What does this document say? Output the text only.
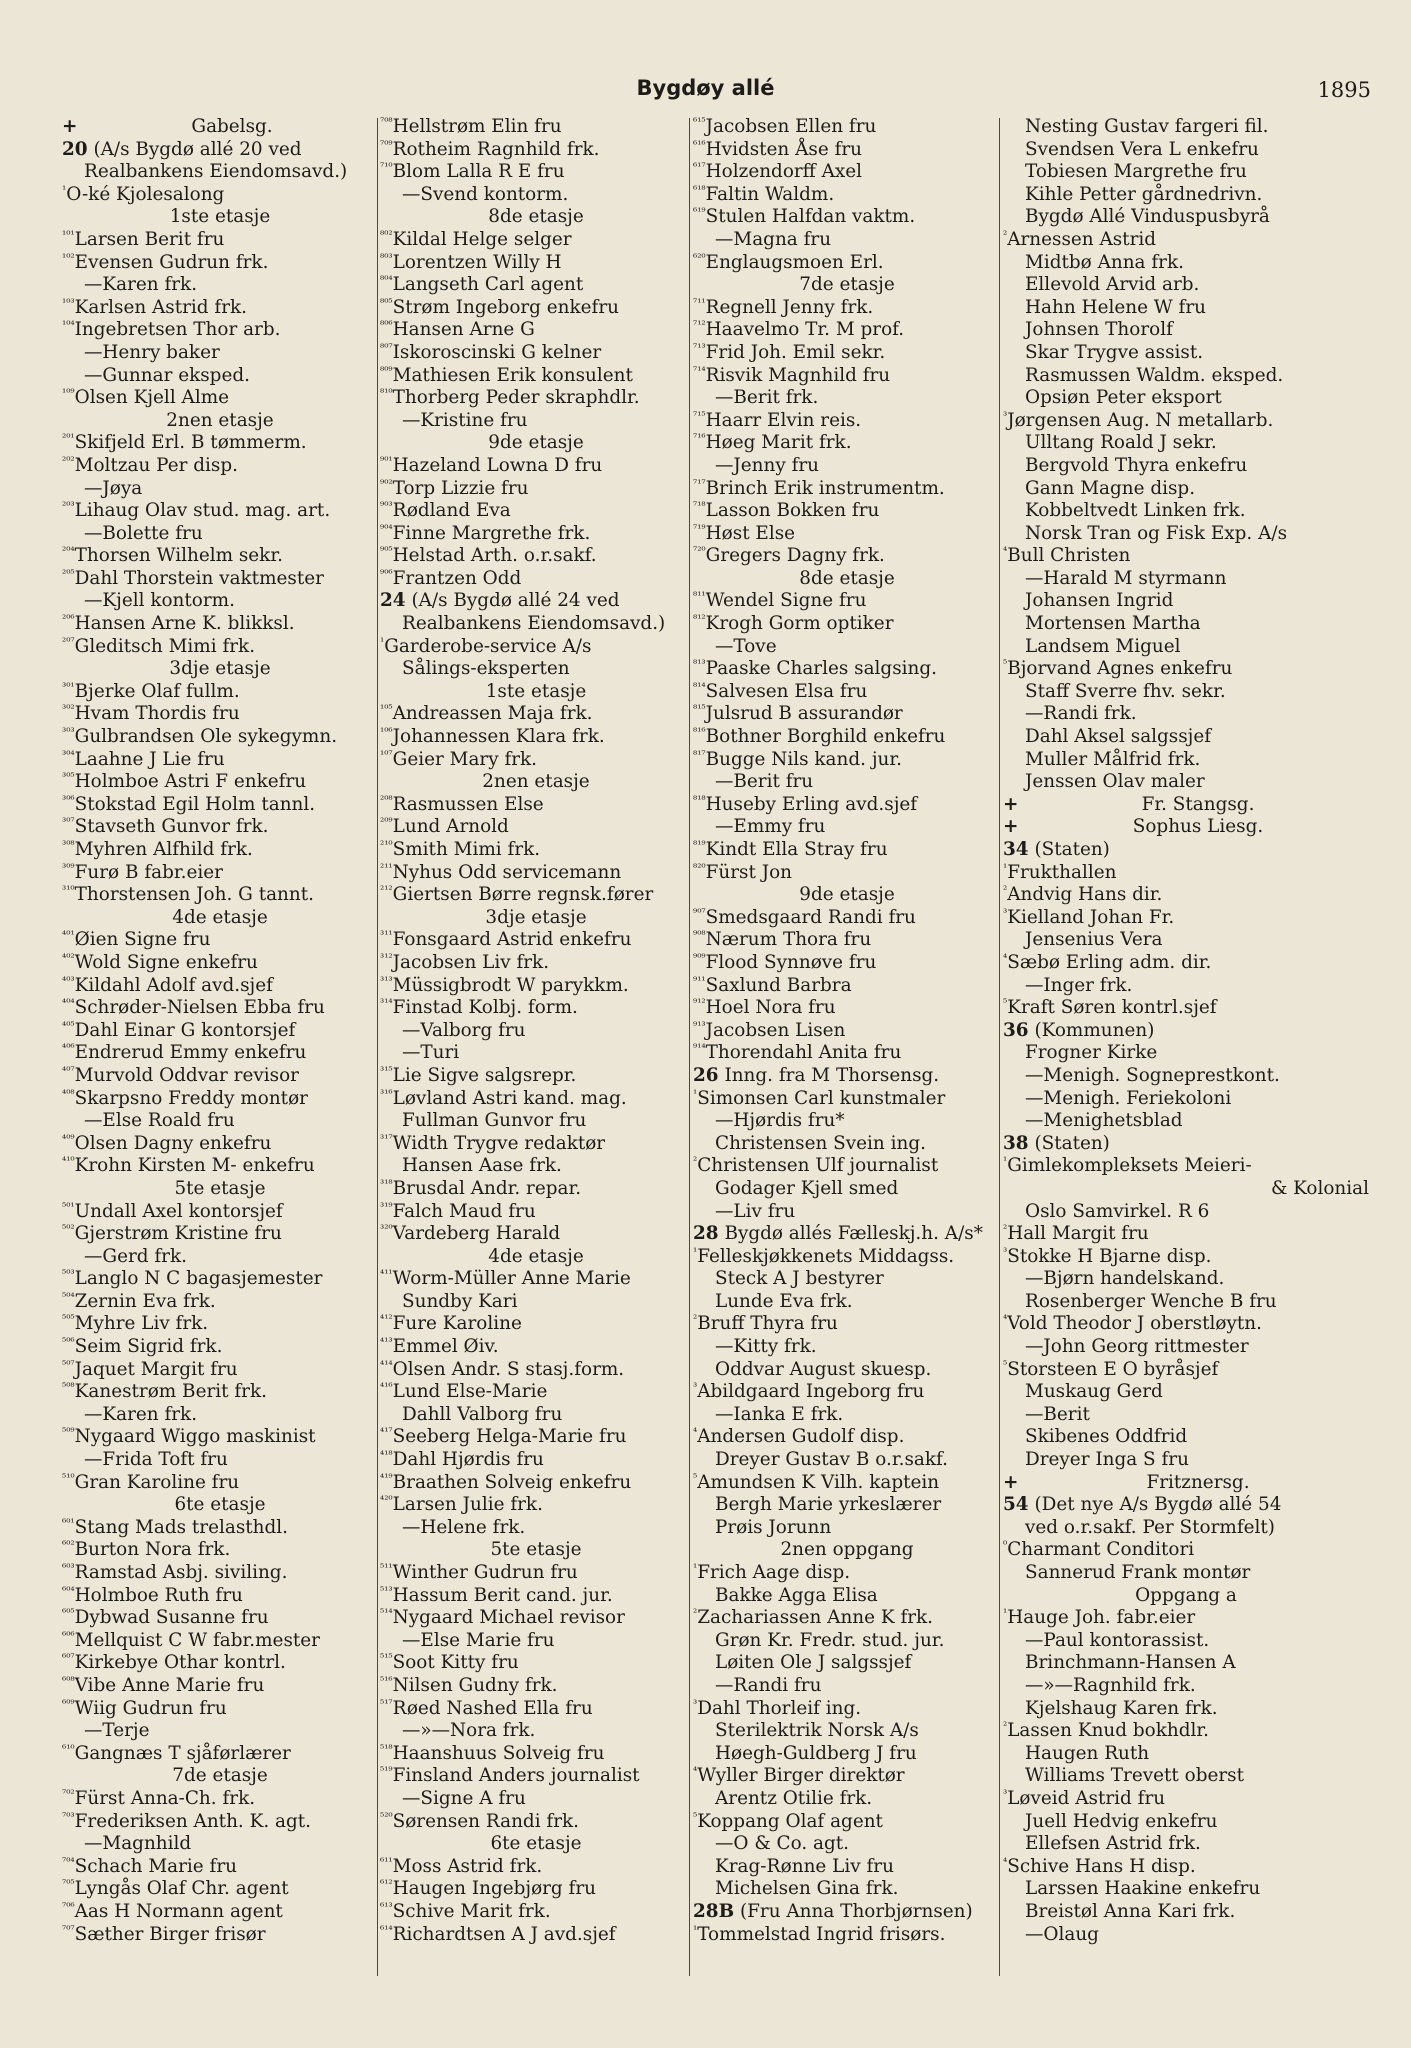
Bygdøy allé	1895
+	Gabelsg.
20 (A/s Bygdø allé 20 ved
Realbankens Eiendomsavd.)
$^{^1}$O-ké Kjolesalong
1ste etasje
$^{^{101}}$Larsen Berit fru
$^{^{102}}$Evensen Gudrun frk.
—Karen frk.
$^{^{103}}$Karlsen Astrid frk.
$^{^{104}}$Ingebretsen Thor arb.
—Henry baker
—Gunnar eksped.
$^{^{109}}$Olsen Kjell Alme
2nen etasje
$^{^{201}}$Skifjeld Erl. B tømmerm.
$^{^{202}}$Moltzau Per disp.
—Jøya
$^{^{203}}$Lihaug Olav stud. mag. art.
—Bolette fru
$^{^{204}}$Thorsen Wilhelm sekr.
$^{^{205}}$Dahl Thorstein vaktmester
—Kjell kontorm.
$^{^{206}}$Hansen Arne K. blikksl.
$^{^{207}}$Gleditsch Mimi frk.
3dje etasje
$^{^{301}}$Bjerke Olaf fullm.
$^{^{302}}$Hvam Thordis fru
$^{^{303}}$Gulbrandsen Ole sykegymn.
$^{^{304}}$Laahne J Lie fru
$^{^{305}}$Holmboe Astri F enkefru
$^{^{306}}$Stokstad Egil Holm tannl.
$^{^{307}}$Stavseth Gunvor frk.
$^{^{308}}$Myhren Alfhild frk.
$^{^{309}}$Furø B fabr.eier
$^{^{310}}$Thorstensen Joh. G tannt.
4de etasje
$^{^{401}}$Øien Signe fru
$^{^{402}}$Wold Signe enkefru
$^{^{403}}$Kildahl Adolf avd.sjef
$^{^{404}}$Schrøder-Nielsen Ebba fru
$^{^{405}}$Dahl Einar G kontorsjef
$^{^{406}}$Endrerud Emmy enkefru
$^{^{407}}$Murvold Oddvar revisor
$^{^{408}}$Skarpsno Freddy montør
—Else Roald fru
$^{^{409}}$Olsen Dagny enkefru
$^{^{410}}$Krohn Kirsten M- enkefru
5te etasje
$^{^{501}}$Undall Axel kontorsjef
$^{^{502}}$Gjerstrøm Kristine fru
—Gerd frk.
$^{^{503}}$Langlo N C bagasjemester
$^{^{504}}$Zernin Eva frk.
$^{^{505}}$Myhre Liv frk.
$^{^{506}}$Seim Sigrid frk.
$^{^{507}}$Jaquet Margit fru
$^{^{508}}$Kanestrøm Berit frk.
—Karen frk.
$^{^{509}}$Nygaard Wiggo maskinist
—Frida Toft fru
$^{^{510}}$Gran Karoline fru
6te etasje
$^{^{601}}$Stang Mads trelasthdl.
$^{^{602}}$Burton Nora frk.
$^{^{603}}$Ramstad Asbj. siviling.
$^{^{604}}$Holmboe Ruth fru
$^{^{605}}$Dybwad Susanne fru
$^{^{606}}$Mellquist C W fabr.mester
$^{^{607}}$Kirkebye Othar kontrl.
$^{^{608}}$Vibe Anne Marie fru
$^{^{609}}$Wiig Gudrun fru
—Terje
$^{^{610}}$Gangnæs T sjåførlærer
7de etasje
$^{^{702}}$Fürst Anna-Ch. frk.
$^{^{703}}$Frederiksen Anth. K. agt.
—Magnhild
$^{^{704}}$Schach Marie fru
$^{^{705}}$Lyngås Olaf Chr. agent
$^{^{706}}$Aas H Normann agent
$^{^{707}}$Sæther Birger frisør
$^{^{708}}$Hellstrøm Elin fru
$^{^{709}}$Rotheim Ragnhild frk.
$^{^{710}}$Blom Lalla R E fru
—Svend kontorm.
8de etasje
$^{^{802}}$Kildal Helge selger
$^{^{803}}$Lorentzen Willy H
$^{^{804}}$Langseth Carl agent
$^{^{805}}$Strøm Ingeborg enkefru
$^{^{806}}$Hansen Arne G
$^{^{807}}$Iskoroscinski G kelner
$^{^{809}}$Mathiesen Erik konsulent
$^{^{810}}$Thorberg Peder skraphdlr.
—Kristine fru
9de etasje
$^{^{901}}$Hazeland Lowna D fru
$^{^{902}}$Torp Lizzie fru
$^{^{903}}$Rødland Eva
$^{^{904}}$Finne Margrethe frk.
$^{^{905}}$Helstad Arth. o.r.sakf.
$^{^{906}}$Frantzen Odd
24 (A/s Bygdø allé 24 ved
Realbankens Eiendomsavd.)
$^{^1}$Garderobe-service A/s
Sålings-eksperten
1ste etasje
$^{^{105}}$Andreassen Maja frk.
$^{^{106}}$Johannessen Klara frk.
$^{^{107}}$Geier Mary frk.
2nen etasje
$^{^{208}}$Rasmussen Else
$^{^{209}}$Lund Arnold
$^{^{210}}$Smith Mimi frk.
$^{^{211}}$Nyhus Odd servicemann
$^{^{212}}$Giertsen Børre regnsk.fører
3dje etasje
$^{^{311}}$Fonsgaard Astrid enkefru
$^{^{312}}$Jacobsen Liv frk.
$^{^{313}}$Müssigbrodt W parykkm.
$^{^{314}}$Finstad Kolbj. form.
—Valborg fru
—Turi
$^{^{315}}$Lie Sigve salgsrepr.
$^{^{316}}$Løvland Astri kand. mag.
Fullman Gunvor fru
$^{^{317}}$Width Trygve redaktør
Hansen Aase frk.
$^{^{318}}$Brusdal Andr. repar.
$^{^{319}}$Falch Maud fru
$^{^{320}}$Vardeberg Harald
4de etasje
$^{^{411}}$Worm-Müller Anne Marie
Sundby Kari
$^{^{412}}$Fure Karoline
$^{^{413}}$Emmel Øiv.
$^{^{414}}$Olsen Andr. S stasj.form.
$^{^{416}}$Lund Else-Marie
Dahll Valborg fru
$^{^{417}}$Seeberg Helga-Marie fru
$^{^{418}}$Dahl Hjørdis fru
$^{^{419}}$Braathen Solveig enkefru
$^{^{420}}$Larsen Julie frk.
—Helene frk.
5te etasje
$^{^{511}}$Winther Gudrun fru
$^{^{513}}$Hassum Berit cand. jur.
$^{^{514}}$Nygaard Michael revisor
—Else Marie fru
$^{^{515}}$Soot Kitty fru
$^{^{516}}$Nilsen Gudny frk.
$^{^{517}}$Røed Nashed Ella fru
—»—Nora frk.
$^{^{518}}$Haanshuus Solveig fru
$^{^{519}}$Finsland Anders journalist
—Signe A fru
$^{^{520}}$Sørensen Randi frk.
6te etasje
$^{^{611}}$Moss Astrid frk.
$^{^{612}}$Haugen Ingebjørg fru
$^{^{613}}$Schive Marit frk.
$^{^{614}}$Richardtsen A J avd.sjef
$^{^{615}}$Jacobsen Ellen fru
$^{^{616}}$Hvidsten Åse fru
$^{^{617}}$Holzendorff Axel
$^{^{618}}$Faltin Waldm.
$^{^{619}}$Stulen Halfdan vaktm.
—Magna fru
$^{^{620}}$Englaugsmoen Erl.
7de etasje
$^{^{711}}$Regnell Jenny frk.
$^{^{712}}$Haavelmo Tr. M prof.
$^{^{713}}$Frid Joh. Emil sekr.
$^{^{714}}$Risvik Magnhild fru
—Berit frk.
$^{^{715}}$Haarr Elvin reis.
$^{^{716}}$Høeg Marit frk.
—Jenny fru
$^{^{717}}$Brinch Erik instrumentm.
$^{^{718}}$Lasson Bokken fru
$^{^{719}}$Høst Else
$^{^{720}}$Gregers Dagny frk.
8de etasje
$^{^{811}}$Wendel Signe fru
$^{^{812}}$Krogh Gorm optiker
—Tove
$^{^{813}}$Paaske Charles salgsing.
$^{^{814}}$Salvesen Elsa fru
$^{^{815}}$Julsrud B assurandør
$^{^{816}}$Bothner Borghild enkefru
$^{^{817}}$Bugge Nils kand. jur.
—Berit fru
$^{^{818}}$Huseby Erling avd.sjef
—Emmy fru
$^{^{819}}$Kindt Ella Stray fru
$^{^{820}}$Fürst Jon
9de etasje
$^{^{907}}$Smedsgaard Randi fru
$^{^{908}}$Nærum Thora fru
$^{^{909}}$Flood Synnøve fru
$^{^{911}}$Saxlund Barbra
$^{^{912}}$Hoel Nora fru
$^{^{913}}$Jacobsen Lisen
$^{^{914}}$Thorendahl Anita fru
26 Inng. fra M Thorsensg.
$^{^1}$Simonsen Carl kunstmaler
—Hjørdis fru*
Christensen Svein ing.
$^{^2}$Christensen Ulf journalist
Godager Kjell smed
—Liv fru
28 Bygdø allés Fælleskj.h. A/s*
$^{^1}$Felleskjøkkenets Middagss.
Steck A J bestyrer
Lunde Eva frk.
$^{^2}$Bruff Thyra fru
—Kitty frk.
Oddvar August skuesp.
$^{^3}$Abildgaard Ingeborg fru
—Ianka E frk.
$^{^4}$Andersen Gudolf disp.
Dreyer Gustav B o.r.sakf.
$^{^5}$Amundsen K Vilh. kaptein
Bergh Marie yrkeslærer
Prøis Jorunn
2nen oppgang
$^{^1}$Frich Aage disp.
Bakke Agga Elisa
$^{^2}$Zachariassen Anne K frk.
Grøn Kr. Fredr. stud. jur.
Løiten Ole J salgssjef
—Randi fru
$^{^3}$Dahl Thorleif ing.
Sterilektrik Norsk A/s
Høegh-Guldberg J fru
$^{^4}$Wyller Birger direktør
Arentz Otilie frk.
$^{^5}$Koppang Olaf agent
—O & Co. agt.
Krag-Rønne Liv fru
Michelsen Gina frk.
28B (Fru Anna Thorbjørnsen)
$^{^1}$Tommelstad Ingrid frisørs.
Nesting Gustav fargeri fil.
Svendsen Vera L enkefru
Tobiesen Margrethe fru
Kihle Petter gårdnedrivn.
Bygdø Allé Vinduspusbyrå
$^{^2}$Arnessen Astrid
Midtbø Anna frk.
Ellevold Arvid arb.
Hahn Helene W fru
Johnsen Thorolf
Skar Trygve assist.
Rasmussen Waldm. eksped.
Opsiøn Peter eksport
$^{^3}$Jørgensen Aug. N metallarb.
Ulltang Roald J sekr.
Bergvold Thyra enkefru
Gann Magne disp.
Kobbeltvedt Linken frk.
Norsk Tran og Fisk Exp. A/s
$^{^4}$Bull Christen
—Harald M styrmann
Johansen Ingrid
Mortensen Martha
Landsem Miguel
$^{^5}$Bjorvand Agnes enkefru
Staff Sverre fhv. sekr.
—Randi frk.
Dahl Aksel salgssjef
Muller Målfrid frk.
Jenssen Olav maler
+	Fr. Stangsg.
+	Sophus Liesg.
34 (Staten)
$^{^1}$Frukthallen
$^{^2}$Andvig Hans dir.
$^{^3}$Kielland Johan Fr.
Jensenius Vera
$^{^4}$Sæbø Erling adm. dir.
—Inger frk.
$^{^5}$Kraft Søren kontrl.sjef
36 (Kommunen)
Frogner Kirke
—Menigh. Sogneprestkont.
—Menigh. Feriekoloni
—Menighetsblad
38 (Staten)
$^{^1}$Gimlekompleksets Meieri-
& Kolonial
Oslo Samvirkel. R 6
$^{^2}$Hall Margit fru
$^{^3}$Stokke H Bjarne disp.
—Bjørn handelskand.
Rosenberger Wenche B fru
$^{^4}$Vold Theodor J oberstløytn.
—John Georg rittmester
$^{^5}$Storsteen E O byråsjef
Muskaug Gerd
—Berit
Skibenes Oddfrid
Dreyer Inga S fru
+	Fritznersg.
54 (Det nye A/s Bygdø allé 54
ved o.r.sakf. Per Stormfelt)
$^{^0}$Charmant Conditori
Sannerud Frank montør
Oppgang a
$^{^1}$Hauge Joh. fabr.eier
—Paul kontorassist.
Brinchmann-Hansen A
—»—Ragnhild frk.
Kjelshaug Karen frk.
$^{^2}$Lassen Knud bokhdlr.
Haugen Ruth
Williams Trevett oberst
$^{^3}$Løveid Astrid fru
Juell Hedvig enkefru
Ellefsen Astrid frk.
$^{^4}$Schive Hans H disp.
Larssen Haakine enkefru
Breistøl Anna Kari frk.
—Olaug
